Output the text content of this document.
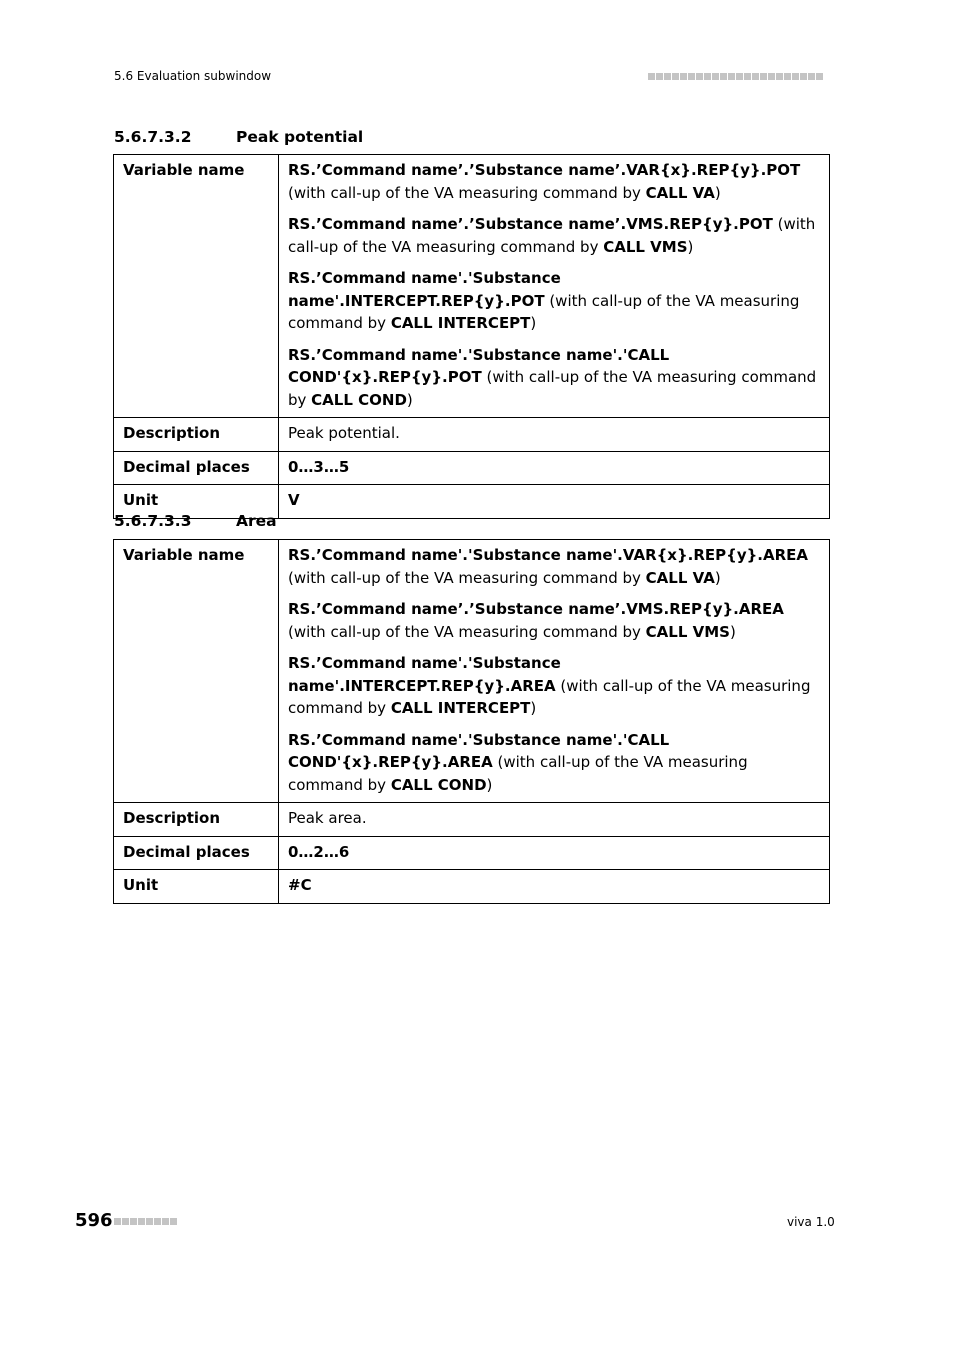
5.6 Evaluation subwindow
5.6.7.3.2	Peak potential
Variable name	RS.’Command name’.’Substance name’.VAR{x}.REP{y}.POT (with call-up of the VA measuring command by CALL VA)

RS.’Command name’.’Substance name’.VMS.REP{y}.POT (with call-up of the VA measuring command by CALL VMS)

RS.’Command name'.'Substance name'.INTERCEPT.REP{y}.POT (with call-up of the VA measuring command by CALL INTERCEPT)

RS.’Command name'.'Substance name'.'CALL COND'{x}.REP{y}.POT (with call-up of the VA measuring command by CALL COND)

Description	Peak potential.
Decimal places	0…3…5
Unit	V
5.6.7.3.3	Area
Variable name	RS.’Command name'.'Substance name'.VAR{x}.REP{y}.AREA (with call-up of the VA measuring command by CALL VA)

RS.’Command name’.’Substance name’.VMS.REP{y}.AREA (with call-up of the VA measuring command by CALL VMS)

RS.’Command name'.'Substance name'.INTERCEPT.REP{y}.AREA (with call-up of the VA measuring command by CALL INTERCEPT)

RS.’Command name'.'Substance name'.'CALL COND'{x}.REP{y}.AREA (with call-up of the VA measuring command by CALL COND)

Description	Peak area.
Decimal places	0…2…6
Unit	#C
596	viva 1.0
